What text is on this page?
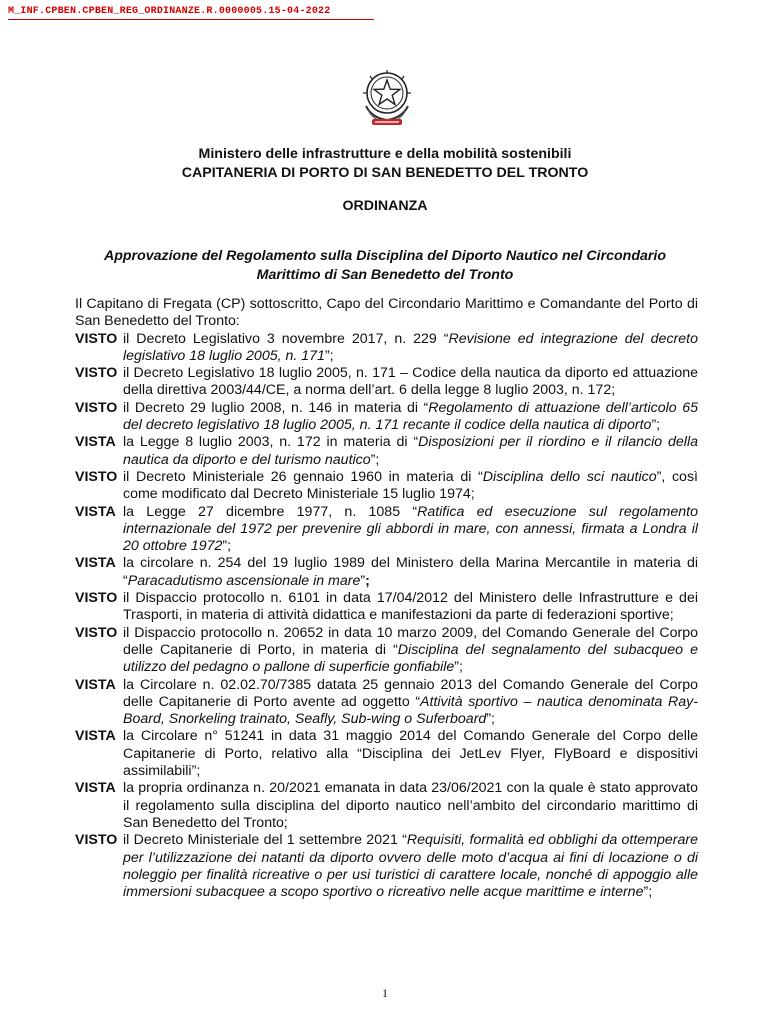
M_INF.CPBEN.CPBEN_REG_ORDINANZE.R.0000005.15-04-2022
Ministero delle infrastrutture e della mobilità sostenibili
CAPITANERIA DI PORTO DI SAN BENEDETTO DEL TRONTO
ORDINANZA
Approvazione del Regolamento sulla Disciplina del Diporto Nautico nel Circondario
Marittimo di San Benedetto del Tronto

Il Capitano di Fregata (CP) sottoscritto, Capo del Circondario Marittimo e Comandante del Porto di San Benedetto del Tronto:

VISTO il Decreto Legislativo 3 novembre 2017, n. 229 “Revisione ed integrazione del decreto legislativo 18 luglio 2005, n. 171”;

VISTO il Decreto Legislativo 18 luglio 2005, n. 171 – Codice della nautica da diporto ed attuazione della direttiva 2003/44/CE, a norma dell’art. 6 della legge 8 luglio 2003, n. 172;

VISTO il Decreto 29 luglio 2008, n. 146 in materia di “Regolamento di attuazione dell’articolo 65 del decreto legislativo 18 luglio 2005, n. 171 recante il codice della nautica di diporto”;

VISTA la Legge 8 luglio 2003, n. 172 in materia di “Disposizioni per il riordino e il rilancio della nautica da diporto e del turismo nautico”;

VISTO il Decreto Ministeriale 26 gennaio 1960 in materia di “Disciplina dello sci nautico”, così come modificato dal Decreto Ministeriale 15 luglio 1974;

VISTA la Legge 27 dicembre 1977, n. 1085 “Ratifica ed esecuzione sul regolamento internazionale del 1972 per prevenire gli abbordi in mare, con annessi, firmata a Londra il 20 ottobre 1972”;

VISTA la circolare n. 254 del 19 luglio 1989 del Ministero della Marina Mercantile in materia di “Paracadutismo ascensionale in mare”;

VISTO il Dispaccio protocollo n. 6101 in data 17/04/2012 del Ministero delle Infrastrutture e dei Trasporti, in materia di attività didattica e manifestazioni da parte di federazioni sportive;

VISTO il Dispaccio protocollo n. 20652 in data 10 marzo 2009, del Comando Generale del Corpo delle Capitanerie di Porto, in materia di “Disciplina del segnalamento del subacqueo e utilizzo del pedagno o pallone di superficie gonfiabile”;

VISTA la Circolare n. 02.02.70/7385 datata 25 gennaio 2013 del Comando Generale del Corpo delle Capitanerie di Porto avente ad oggetto “Attività sportivo – nautica denominata Ray-Board, Snorkeling trainato, Seafly, Sub-wing o Suferboard”;

VISTA la Circolare n° 51241 in data 31 maggio 2014 del Comando Generale del Corpo delle Capitanerie di Porto, relativo alla “Disciplina dei JetLev Flyer, FlyBoard e dispositivi assimilabili”;

VISTA la propria ordinanza n. 20/2021 emanata in data 23/06/2021 con la quale è stato approvato il regolamento sulla disciplina del diporto nautico nell’ambito del circondario marittimo di San Benedetto del Tronto;

VISTO il Decreto Ministeriale del 1 settembre 2021 “Requisiti, formalità ed obblighi da ottemperare per l’utilizzazione dei natanti da diporto ovvero delle moto d’acqua ai fini di locazione o di noleggio per finalità ricreative o per usi turistici di carattere locale, nonché di appoggio alle immersioni subacquee a scopo sportivo o ricreativo nelle acque marittime e interne”;

1
